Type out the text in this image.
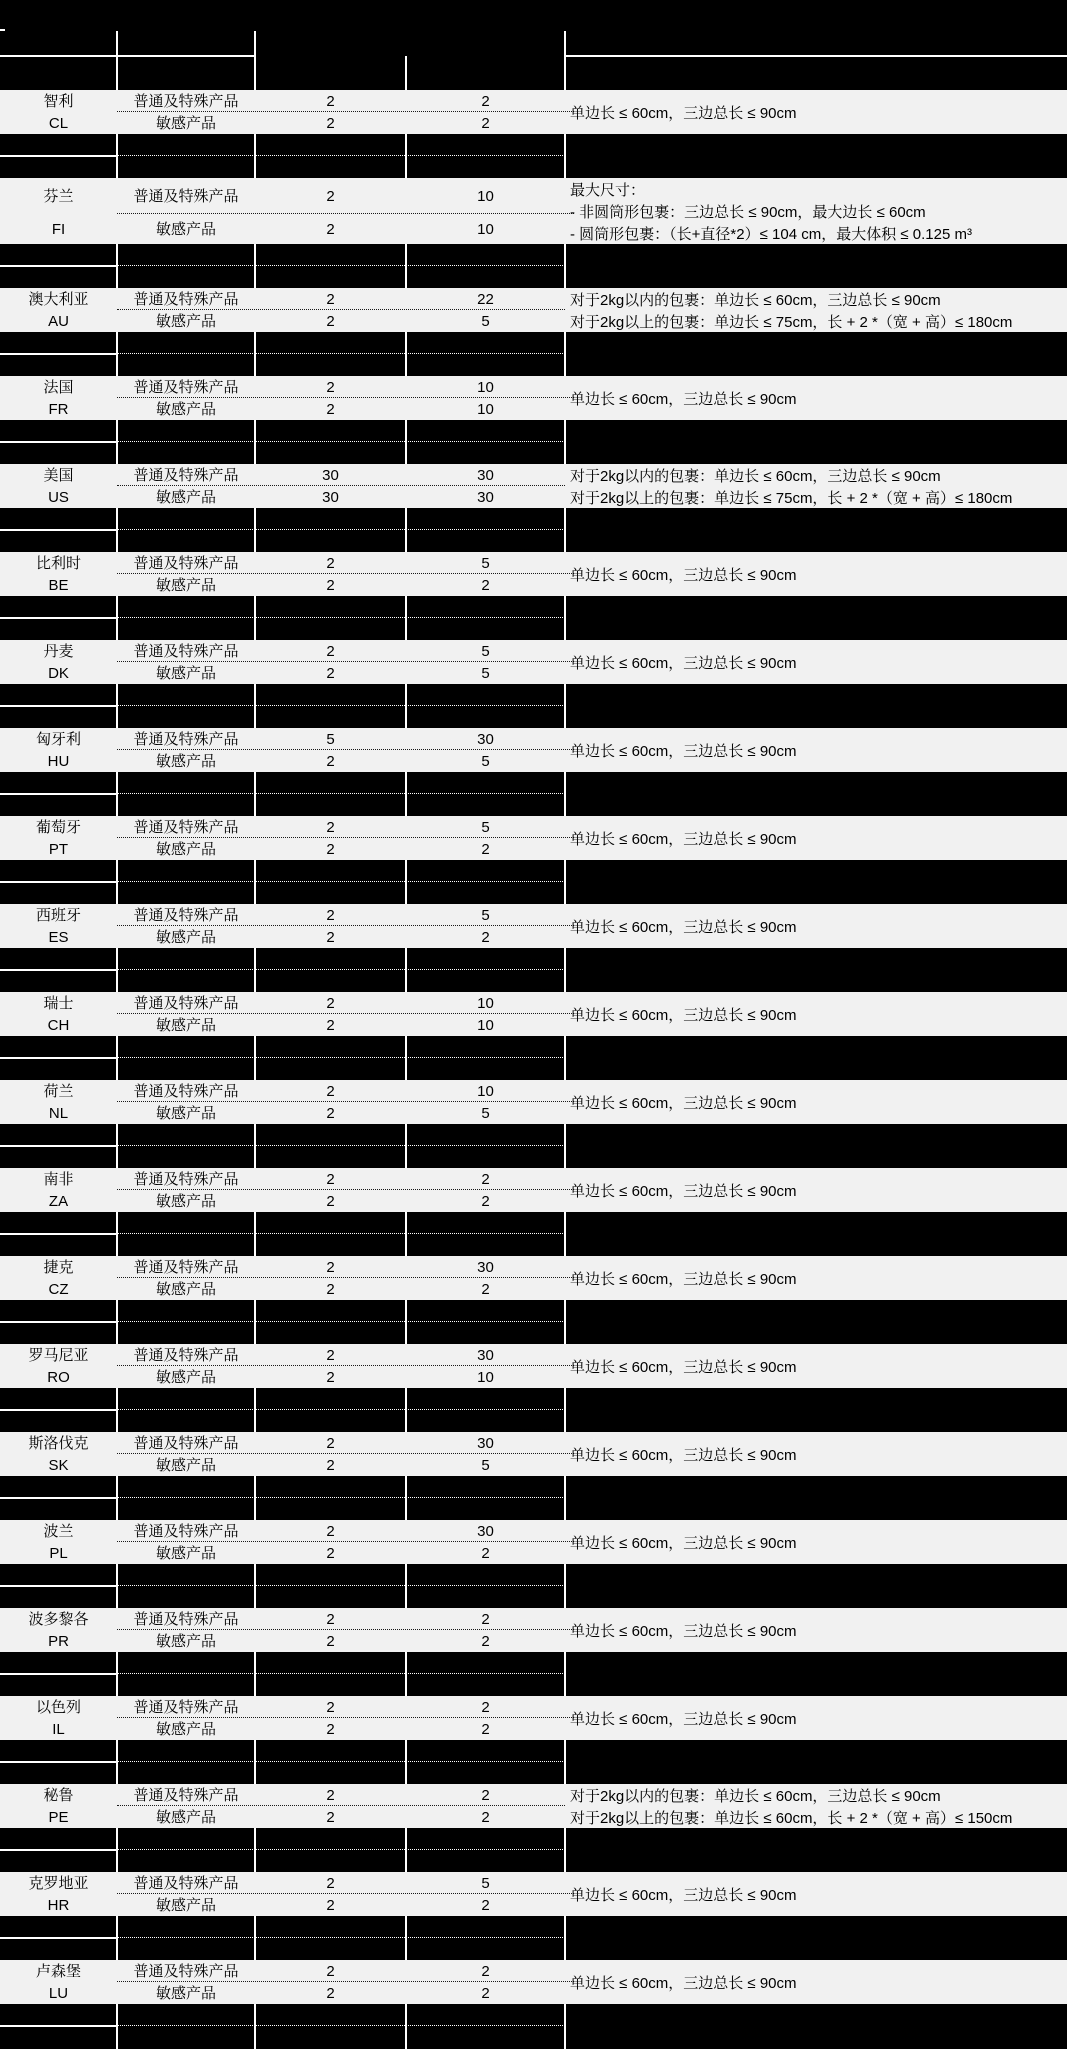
智利
CL
普通及特殊产品	2	2
敏感产品	2	2
单边长 ≤ 60cm，三边总长 ≤ 90cm
芬兰
FI
普通及特殊产品	2	10
敏感产品	2	10
最大尺寸：
- 非圆筒形包裹：三边总长 ≤ 90cm，最大边长 ≤ 60cm
- 圆筒形包裹：（长+直径*2）≤ 104 cm，最大体积 ≤ 0.125 m³
澳大利亚
AU
普通及特殊产品	2	22
敏感产品	2	5
对于2kg以内的包裹：单边长 ≤ 60cm，三边总长 ≤ 90cm
对于2kg以上的包裹：单边长 ≤ 75cm，长 + 2 *（宽 + 高）≤ 180cm
法国
FR
普通及特殊产品	2	10
敏感产品	2	10
单边长 ≤ 60cm，三边总长 ≤ 90cm
美国
US
普通及特殊产品	30	30
敏感产品	30	30
对于2kg以内的包裹：单边长 ≤ 60cm，三边总长 ≤ 90cm
对于2kg以上的包裹：单边长 ≤ 75cm，长 + 2 *（宽 + 高）≤ 180cm
比利时
BE
普通及特殊产品	2	5
敏感产品	2	2
单边长 ≤ 60cm，三边总长 ≤ 90cm
丹麦
DK
普通及特殊产品	2	5
敏感产品	2	5
单边长 ≤ 60cm，三边总长 ≤ 90cm
匈牙利
HU
普通及特殊产品	5	30
敏感产品	2	5
单边长 ≤ 60cm，三边总长 ≤ 90cm
葡萄牙
PT
普通及特殊产品	2	5
敏感产品	2	2
单边长 ≤ 60cm，三边总长 ≤ 90cm
西班牙
ES
普通及特殊产品	2	5
敏感产品	2	2
单边长 ≤ 60cm，三边总长 ≤ 90cm
瑞士
CH
普通及特殊产品	2	10
敏感产品	2	10
单边长 ≤ 60cm，三边总长 ≤ 90cm
荷兰
NL
普通及特殊产品	2	10
敏感产品	2	5
单边长 ≤ 60cm，三边总长 ≤ 90cm
南非
ZA
普通及特殊产品	2	2
敏感产品	2	2
单边长 ≤ 60cm，三边总长 ≤ 90cm
捷克
CZ
普通及特殊产品	2	30
敏感产品	2	2
单边长 ≤ 60cm，三边总长 ≤ 90cm
罗马尼亚
RO
普通及特殊产品	2	30
敏感产品	2	10
单边长 ≤ 60cm，三边总长 ≤ 90cm
斯洛伐克
SK
普通及特殊产品	2	30
敏感产品	2	5
单边长 ≤ 60cm，三边总长 ≤ 90cm
波兰
PL
普通及特殊产品	2	30
敏感产品	2	2
单边长 ≤ 60cm，三边总长 ≤ 90cm
波多黎各
PR
普通及特殊产品	2	2
敏感产品	2	2
单边长 ≤ 60cm，三边总长 ≤ 90cm
以色列
IL
普通及特殊产品	2	2
敏感产品	2	2
单边长 ≤ 60cm，三边总长 ≤ 90cm
秘鲁
PE
普通及特殊产品	2	2
敏感产品	2	2
对于2kg以内的包裹：单边长 ≤ 60cm，三边总长 ≤ 90cm
对于2kg以上的包裹：单边长 ≤ 60cm，长 + 2 *（宽 + 高）≤ 150cm
克罗地亚
HR
普通及特殊产品	2	5
敏感产品	2	2
单边长 ≤ 60cm，三边总长 ≤ 90cm
卢森堡
LU
普通及特殊产品	2	2
敏感产品	2	2
单边长 ≤ 60cm，三边总长 ≤ 90cm
